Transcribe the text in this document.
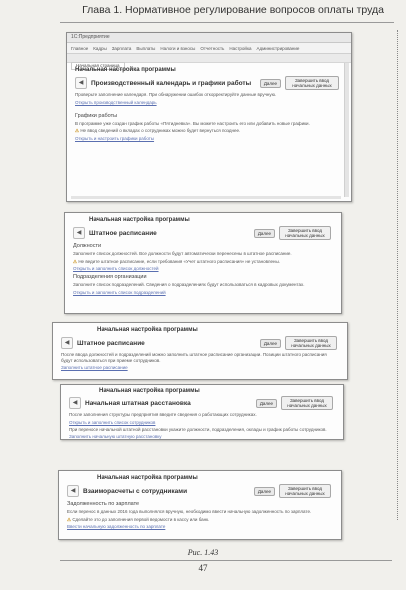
Глава 1. Нормативное регулирование вопросов оплаты труда
1С:Предприятие
Главное Кадры Зарплата Выплаты Налоги и взносы Отчетность Настройка Администрирование
Начальная страница
Начальная настройка программы
◀	Производственный календарь и графики работы	Далее	Завершить ввод начальных данных
Проверьте заполнение календаря. При обнаружении ошибок откорректируйте данные вручную.
Открыть производственный календарь
Графики работы
В программе уже создан график работы «Пятидневка». Вы можете настроить его или добавить новые графики.
⚠ Не ввод сведений о вкладах о сотрудниках можно будет вернуться позднее.
Открыть и настроить графики работы
Начальная настройка программы
◀	Штатное расписание	Далее	Завершить ввод начальных данных
Должности
Заполните список должностей. Все должности будут автоматически перенесены в штатное расписание.
⚠ Не ведите штатное расписание, если требования «Учет штатного расписания» не установлены.
Открыть и заполнить список должностей
Подразделения организации
Заполните список подразделений. Сведения о подразделениях будут использоваться в кадровых документах.
Открыть и заполнить список подразделений
Начальная настройка программы
◀	Штатное расписание	Далее	Завершить ввод начальных данных
После ввода должностей и подразделений можно заполнить штатное расписание организации. Позиции штатного расписания будут использоваться при приеме сотрудников.
Заполнить штатное расписание
Начальная настройка программы
◀	Начальная штатная расстановка	Далее	Завершить ввод начальных данных
После заполнения структуры предприятия введите сведения о работающих сотрудниках.
Открыть и заполнить список сотрудников
При переносе начальной штатной расстановки укажите должности, подразделения, оклады и график работы сотрудников.
Заполнить начальную штатную расстановку
Начальная настройка программы
◀	Взаиморасчеты с сотрудниками	Далее	Завершить ввод начальных данных
Задолженность по зарплате
Если перенос в данных 2016 года выполнялся вручную, необходимо ввести начальную задолженность по зарплате.
⚠ Сделайте это до заполнения первой ведомости в кассу или банк.
Ввести начальную задолженность по зарплате
Рис. 1.43
47
